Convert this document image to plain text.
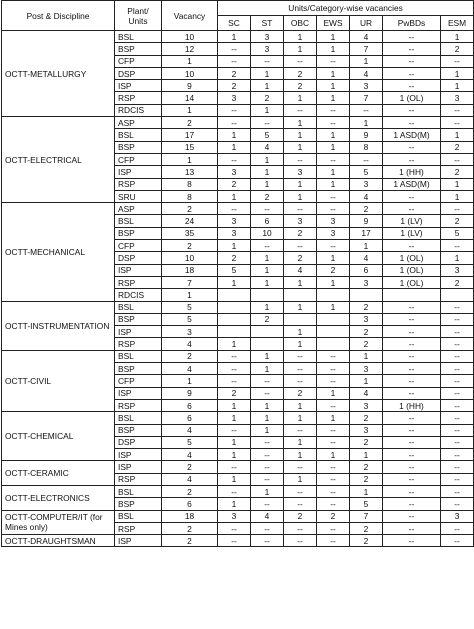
Post & Discipline	Plant/ Units	Vacancy	Units/Category-wise vacancies						
			SC	ST	OBC	EWS	UR	PwBDs	ESM
OCTT-METALLURGY	BSL	10	1	3	1	1	4	--	1
	BSP	12	--	3	1	1	7	--	2
	CFP	1	--	--	--	--	1	--	--
	DSP	10	2	1	2	1	4	--	1
	ISP	9	2	1	2	1	3	--	1
	RSP	14	3	2	1	1	7	1 (OL)	3
	RDCIS	1	--	1	--	--	--	--	--
OCTT-ELECTRICAL	ASP	2	--	--	1	--	1	--	--
	BSL	17	1	5	1	1	9	1 ASD(M)	1
	BSP	15	1	4	1	1	8	--	2
	CFP	1	--	1	--	--	--	--	--
	ISP	13	3	1	3	1	5	1 (HH)	2
	RSP	8	2	1	1	1	3	1 ASD(M)	1
	SRU	8	1	2	1	--	4	--	1
OCTT-MECHANICAL	ASP	2	--	--	--	--	2	--	--
	BSL	24	3	6	3	3	9	1 (LV)	2
	BSP	35	3	10	2	3	17	1 (LV)	5
	CFP	2	1	--	--	--	1	--	--
	DSP	10	2	1	2	1	4	1 (OL)	1
	ISP	18	5	1	4	2	6	1 (OL)	3
	RSP	7	1	1	1	1	3	1 (OL)	2
	RDCIS	1							
OCTT-INSTRUMENTATION	BSL	5		1	1	1	2	--	--
	BSP	5		2			3	--	--
	ISP	3			1		2	--	--
	RSP	4	1		1		2	--	--
OCTT-CIVIL	BSL	2	--	1	--	--	1	--	--
	BSP	4	--	1	--	--	3	--	--
	CFP	1	--	--	--	--	1	--	--
	ISP	9	2	--	2	1	4	--	--
	RSP	6	1	1	1	--	3	1 (HH)	--
OCTT-CHEMICAL	BSL	6	1	1	1	1	2	--	--
	BSP	4	--	1	--	--	3	--	--
	DSP	5	1	--	1	--	2	--	--
	ISP	4	1	--	1	1	1	--	--
OCTT-CERAMIC	ISP	2	--	--	--	--	2	--	--
	RSP	4	1	--	1	--	2	--	--
OCTT-ELECTRONICS	BSL	2	--	1	--	--	1	--	--
	BSP	6	1	--	--	--	5	--	--
OCTT-COMPUTER/IT (for Mines only)	BSL	18	3	4	2	2	7	--	3
	RSP	2	--	--	--	--	2	--	--
OCTT-DRAUGHTSMAN	ISP	2	--	--	--	--	2	--	--
